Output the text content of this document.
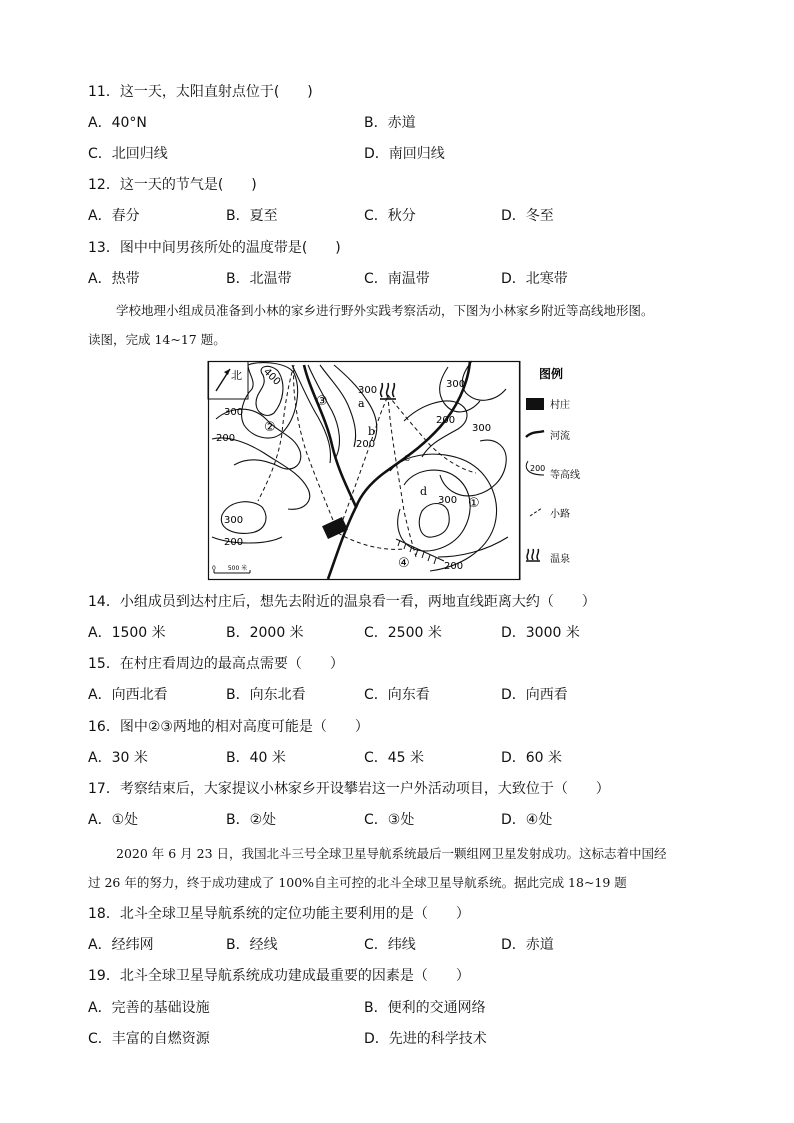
11．这一天，太阳直射点位于(　　)
A．40°N	B．赤道
C．北回归线	D．南回归线
12．这一天的节气是(　　)
A．春分	B．夏至	C．秋分	D．冬至
13．图中中间男孩所处的温度带是(　　)
A．热带	B．北温带	C．南温带	D．北寒带
学校地理小组成员准备到小林的家乡进行野外实践考察活动，下图为小林家乡附近等高线地形图。
读图，完成 14~17 题。
北 400
300
200
300
200
300
300
300
200
200
300
200
①
②
③
④
a
b
c
d
0　　500 米
图例
村庄
河流
200
等高线
小路
温泉
14．小组成员到达村庄后，想先去附近的温泉看一看，两地直线距离大约（　　）
A．1500 米	B．2000 米	C．2500 米	D．3000 米
15．在村庄看周边的最高点需要（　　）
A．向西北看	B．向东北看	C．向东看	D．向西看
16．图中②③两地的相对高度可能是（　　）
A．30 米	B．40 米	C．45 米	D．60 米
17．考察结束后，大家提议小林家乡开设攀岩这一户外活动项目，大致位于（　　）
A．①处	B．②处	C．③处	D．④处
2020 年 6 月 23 日，我国北斗三号全球卫星导航系统最后一颗组网卫星发射成功。这标志着中国经
过 26 年的努力，终于成功建成了 100%自主可控的北斗全球卫星导航系统。据此完成 18~19 题
18．北斗全球卫星导航系统的定位功能主要利用的是（　　）
A．经纬网	B．经线	C．纬线	D．赤道
19．北斗全球卫星导航系统成功建成最重要的因素是（　　）
A．完善的基础设施	B．便利的交通网络
C．丰富的自燃资源	D．先进的科学技术
